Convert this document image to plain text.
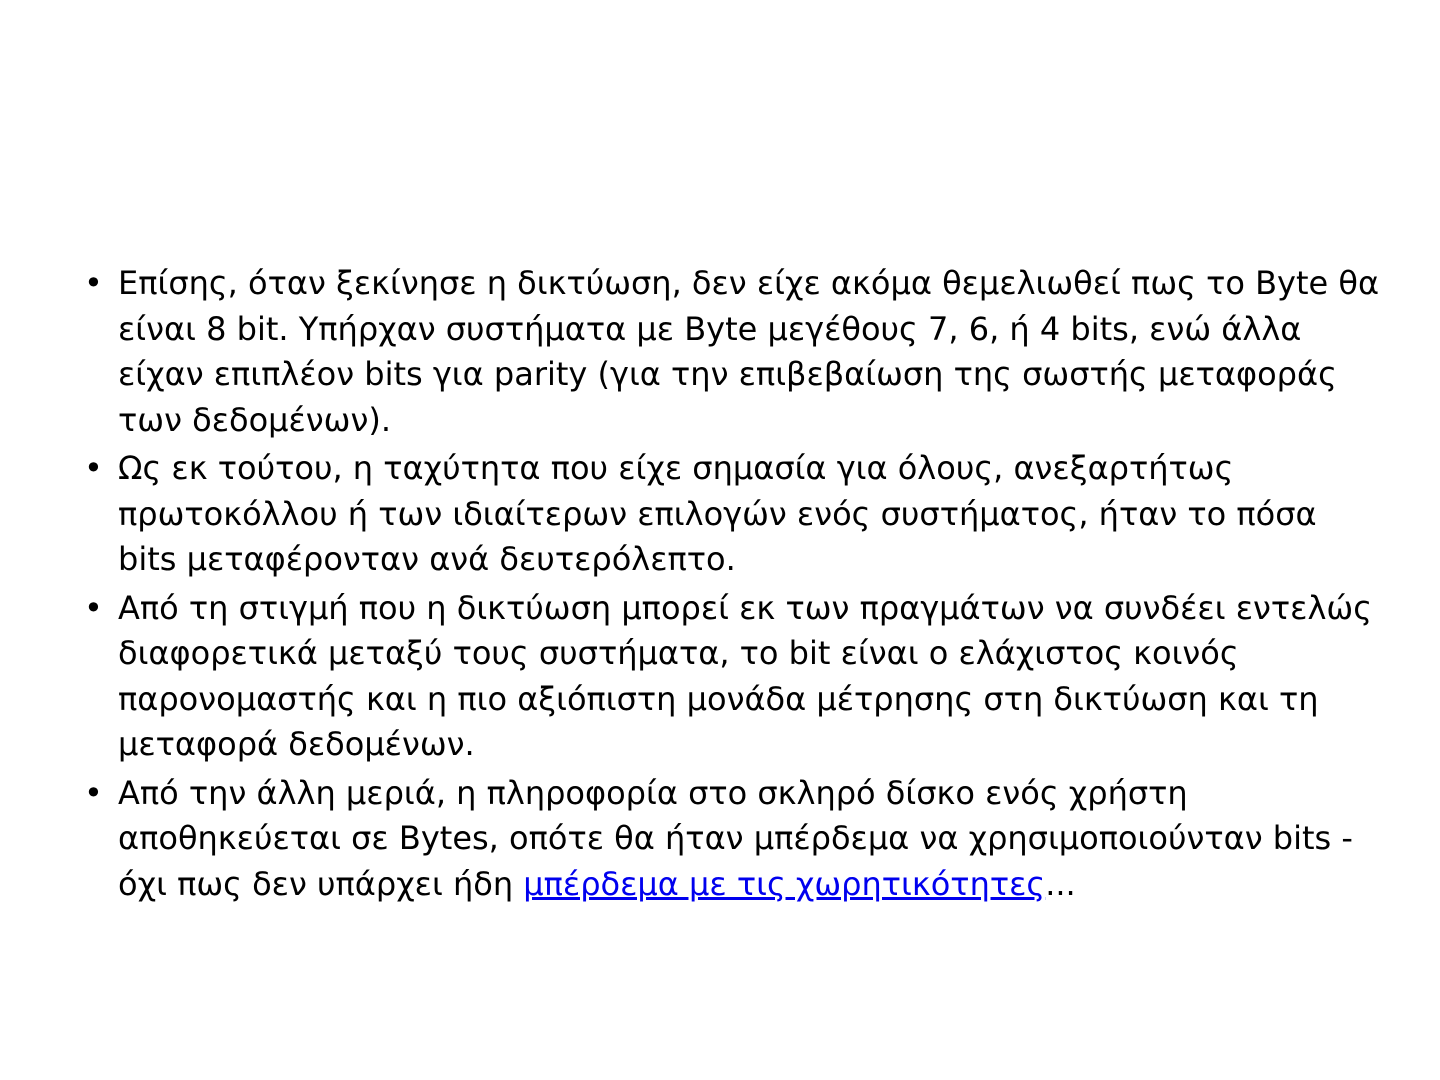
• Επίσης, όταν ξεκίνησε η δικτύωση, δεν είχε ακόμα θεμελιωθεί πως το Byte θα είναι 8 bit. Υπήρχαν συστήματα με Byte μεγέθους 7, 6, ή 4 bits, ενώ άλλα είχαν επιπλέον bits για parity (για την επιβεβαίωση της σωστής μεταφοράς των δεδομένων).
• Ως εκ τούτου, η ταχύτητα που είχε σημασία για όλους, ανεξαρτήτως πρωτοκόλλου ή των ιδιαίτερων επιλογών ενός συστήματος, ήταν το πόσα bits μεταφέρονταν ανά δευτερόλεπτο.
• Από τη στιγμή που η δικτύωση μπορεί εκ των πραγμάτων να συνδέει εντελώς διαφορετικά μεταξύ τους συστήματα, το bit είναι ο ελάχιστος κοινός παρονομαστής και η πιο αξιόπιστη μονάδα μέτρησης στη δικτύωση και τη μεταφορά δεδομένων.
• Από την άλλη μεριά, η πληροφορία στο σκληρό δίσκο ενός χρήστη αποθηκεύεται σε Bytes, οπότε θα ήταν μπέρδεμα να χρησιμοποιούνταν bits - όχι πως δεν υπάρχει ήδη μπέρδεμα με τις χωρητικότητες...
